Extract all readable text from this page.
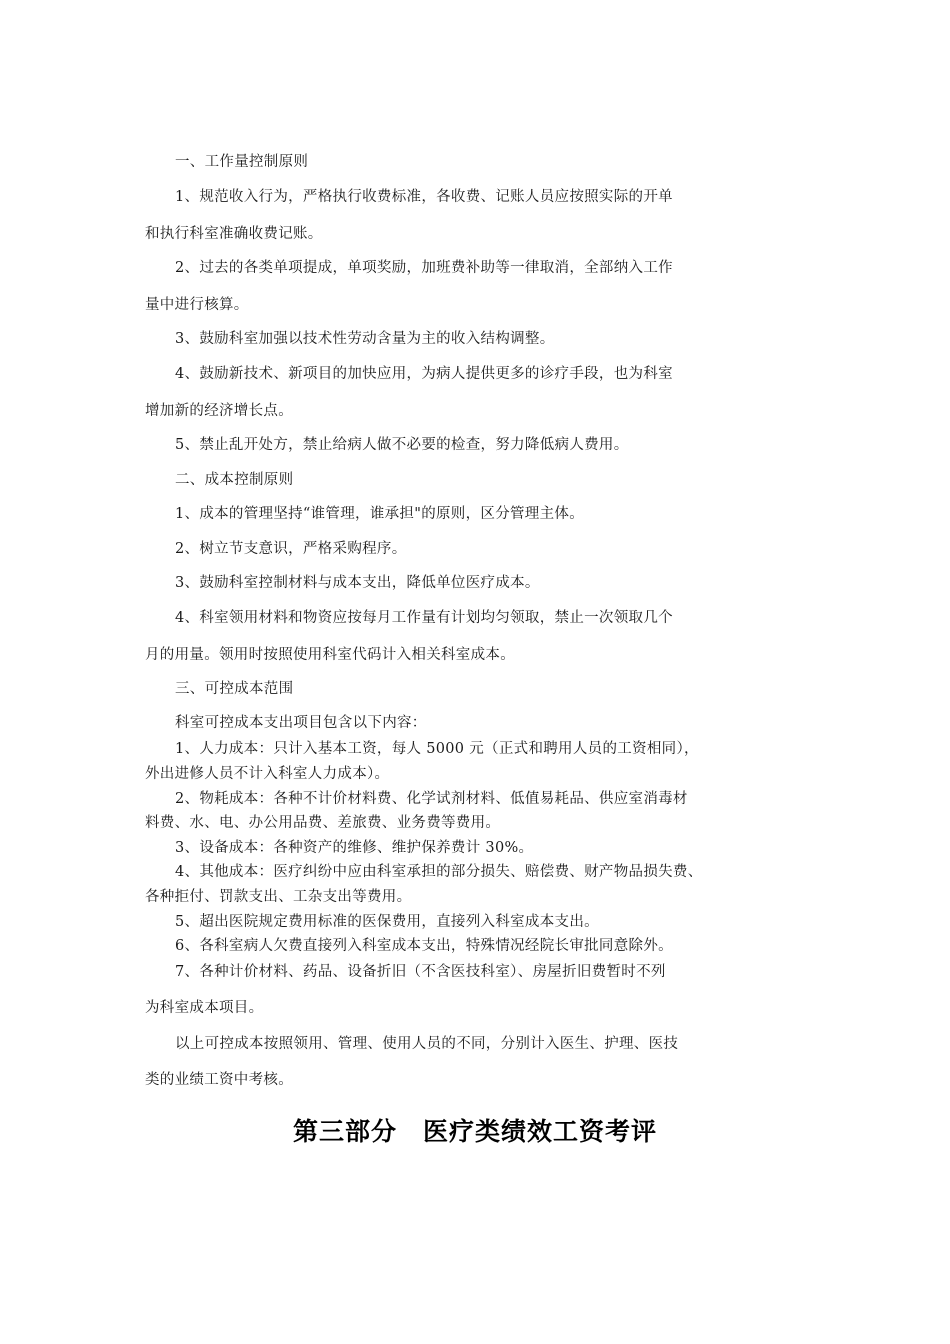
一、工作量控制原则
1、规范收入行为，严格执行收费标准，各收费、记账人员应按照实际的开单
和执行科室准确收费记账。
2、过去的各类单项提成，单项奖励，加班费补助等一律取消，全部纳入工作
量中进行核算。
3、鼓励科室加强以技术性劳动含量为主的收入结构调整。
4、鼓励新技术、新项目的加快应用，为病人提供更多的诊疗手段，也为科室
增加新的经济增长点。
5、禁止乱开处方，禁止给病人做不必要的检查，努力降低病人费用。
二、成本控制原则
1、成本的管理坚持“谁管理，谁承担"的原则，区分管理主体。
2、树立节支意识，严格采购程序。
3、鼓励科室控制材料与成本支出，降低单位医疗成本。
4、科室领用材料和物资应按每月工作量有计划均匀领取，禁止一次领取几个
月的用量。领用时按照使用科室代码计入相关科室成本。
三、可控成本范围
科室可控成本支出项目包含以下内容：
1、人力成本：只计入基本工资，每人 5000 元（正式和聘用人员的工资相同），
外出进修人员不计入科室人力成本）。
2、物耗成本：各种不计价材料费、化学试剂材料、低值易耗品、供应室消毒材
料费、水、电、办公用品费、差旅费、业务费等费用。
3、设备成本：各种资产的维修、维护保养费计 30%。
4、其他成本：医疗纠纷中应由科室承担的部分损失、赔偿费、财产物品损失费、
各种拒付、罚款支出、工杂支出等费用。
5、超出医院规定费用标准的医保费用，直接列入科室成本支出。
6、各科室病人欠费直接列入科室成本支出，特殊情况经院长审批同意除外。
7、各种计价材料、药品、设备折旧（不含医技科室）、房屋折旧费暂时不列
为科室成本项目。
以上可控成本按照领用、管理、使用人员的不同，分别计入医生、护理、医技
类的业绩工资中考核。
第三部分　医疗类绩效工资考评
